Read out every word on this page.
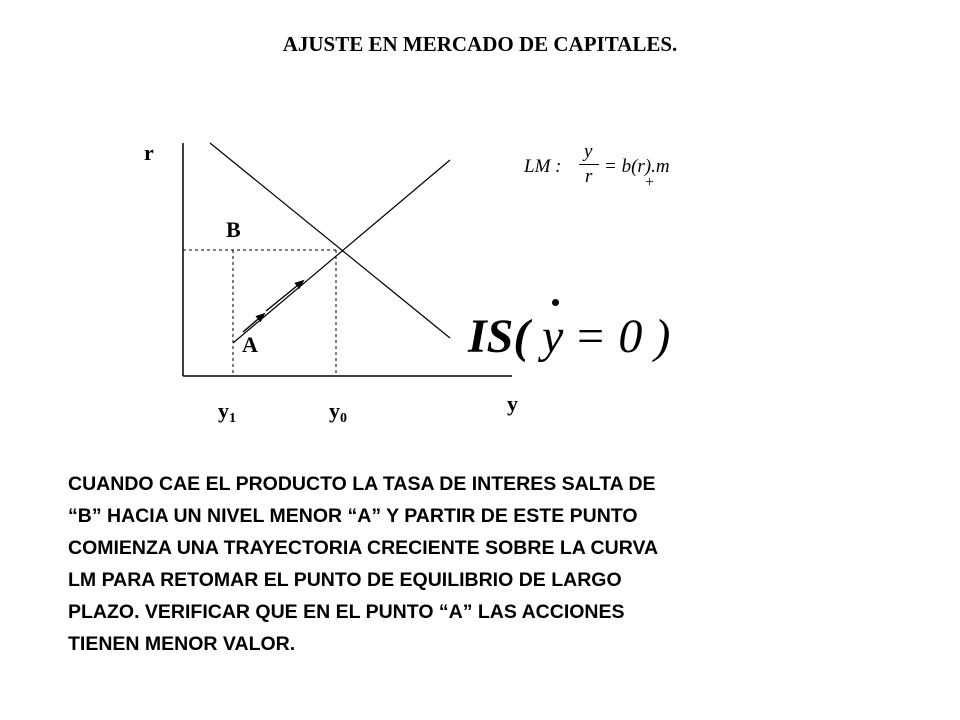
AJUSTE EN MERCADO DE CAPITALES.
r
y
B
A
$y_1$	$y_0$
LM :
y
r = b(r).m
+
IS( y = 0 )
CUANDO CAE EL PRODUCTO LA TASA DE INTERES SALTA DE
“B” HACIA UN NIVEL MENOR “A” Y PARTIR DE ESTE PUNTO
COMIENZA UNA TRAYECTORIA CRECIENTE SOBRE LA CURVA
LM PARA RETOMAR EL PUNTO DE EQUILIBRIO DE LARGO
PLAZO. VERIFICAR QUE EN EL PUNTO “A” LAS ACCIONES
TIENEN MENOR VALOR.
